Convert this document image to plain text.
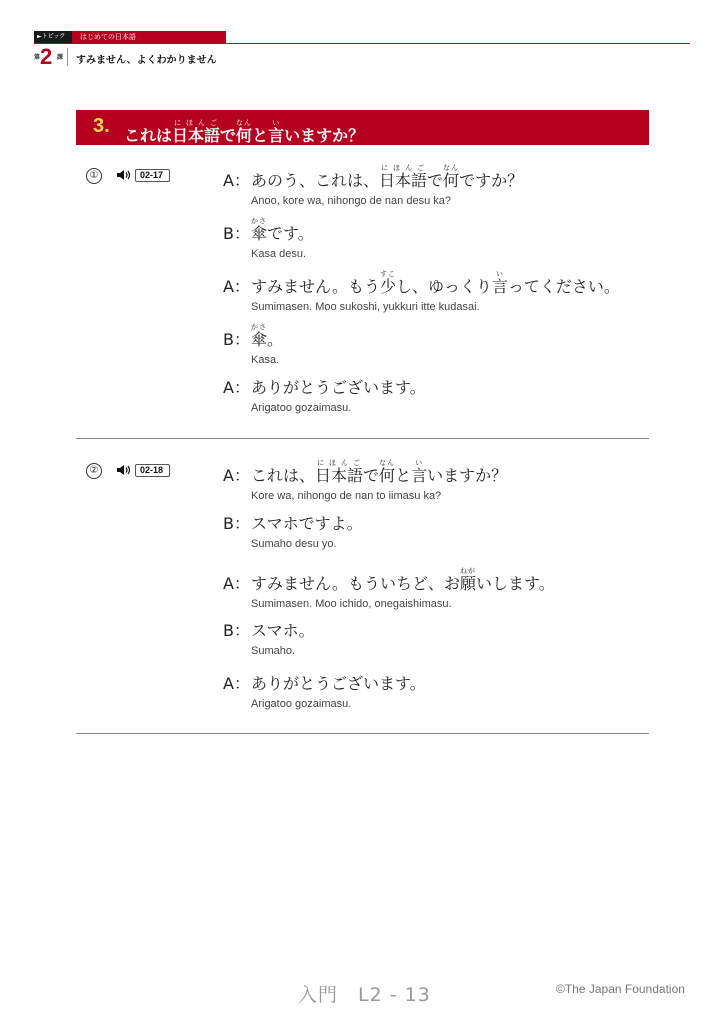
►トピック	はじめての日本語
第 2 課 すみません、よくわかりません
3. これは日本語にほんごで何なんと言いいますか？
①	02-17	A：あのう、これは、日本語にほんごで何なんですか？
Anoo, kore wa, nihongo de nan desu ka?
B：傘かさです。
Kasa desu.
A：すみません。もう少すこし、ゆっくり言いってください。
Sumimasen. Moo sukoshi, yukkuri itte kudasai.
B：傘かさ。
Kasa.
A：ありがとうございます。
Arigatoo gozaimasu.
②	02-18	A：これは、日本語にほんごで何なんと言いいますか？
Kore wa, nihongo de nan to iimasu ka?
B：スマホですよ。
Sumaho desu yo.
A：すみません。もういちど、お願ねがいします。
Sumimasen. Moo ichido, onegaishimasu.
B：スマホ。
Sumaho.
A：ありがとうございます。
Arigatoo gozaimasu.
入門　L2 - 13	©The Japan Foundation
